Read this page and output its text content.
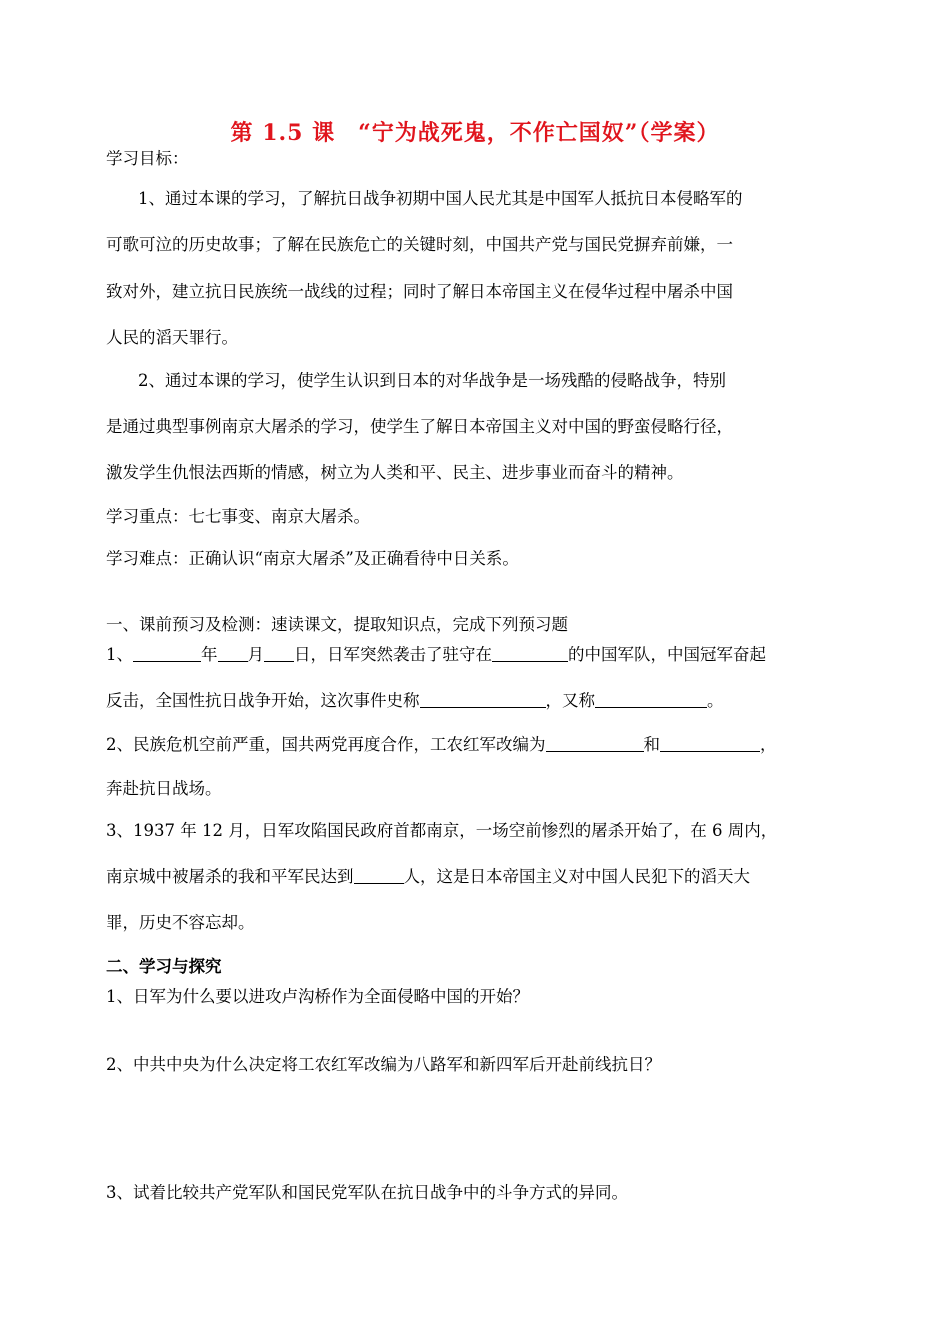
第 1.5 课　“宁为战死鬼，不作亡国奴”（学案）
学习目标：
1、通过本课的学习，了解抗日战争初期中国人民尤其是中国军人抵抗日本侵略军的
可歌可泣的历史故事；了解在民族危亡的关键时刻，中国共产党与国民党摒弃前嫌，一
致对外，建立抗日民族统一战线的过程；同时了解日本帝国主义在侵华过程中屠杀中国
人民的滔天罪行。
2、通过本课的学习，使学生认识到日本的对华战争是一场残酷的侵略战争，特别
是通过典型事例南京大屠杀的学习，使学生了解日本帝国主义对中国的野蛮侵略行径，
激发学生仇恨法西斯的情感，树立为人类和平、民主、进步事业而奋斗的精神。
学习重点：七七事变、南京大屠杀。
学习难点：正确认识“南京大屠杀”及正确看待中日关系。
一、课前预习及检测：速读课文，提取知识点，完成下列预习题
1、	年 月 日，日军突然袭击了驻守在	的中国军队，中国冠军奋起
反击，全国性抗日战争开始，这次事件史称	，又称	。
2、民族危机空前严重，国共两党再度合作，工农红军改编为	和	，
奔赴抗日战场。
3、1937 年 12 月，日军攻陷国民政府首都南京，一场空前惨烈的屠杀开始了，在 6 周内，
南京城中被屠杀的我和平军民达到	人，这是日本帝国主义对中国人民犯下的滔天大
罪，历史不容忘却。
二、学习与探究
1、日军为什么要以进攻卢沟桥作为全面侵略中国的开始？
2、中共中央为什么决定将工农红军改编为八路军和新四军后开赴前线抗日？
3、试着比较共产党军队和国民党军队在抗日战争中的斗争方式的异同。
